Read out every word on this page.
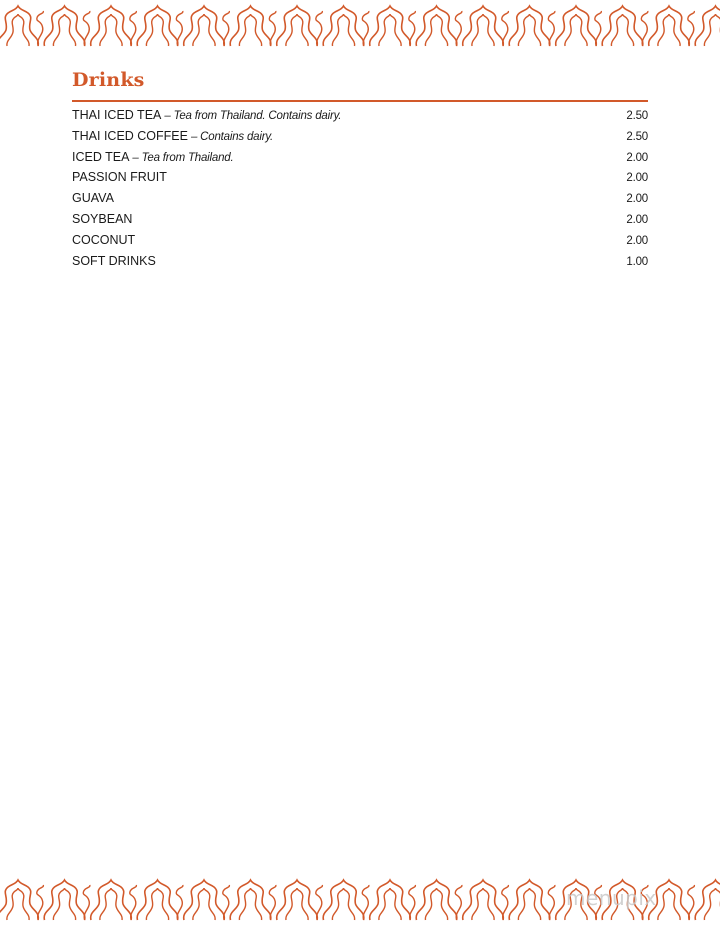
Drinks
THAI ICED TEA – Tea from Thailand. Contains dairy.	2.50
THAI ICED COFFEE – Contains dairy.	2.50
ICED TEA – Tea from Thailand.	2.00
PASSION FRUIT	2.00
GUAVA	2.00
SOYBEAN	2.00
COCONUT	2.00
SOFT DRINKS	1.00
menupix
